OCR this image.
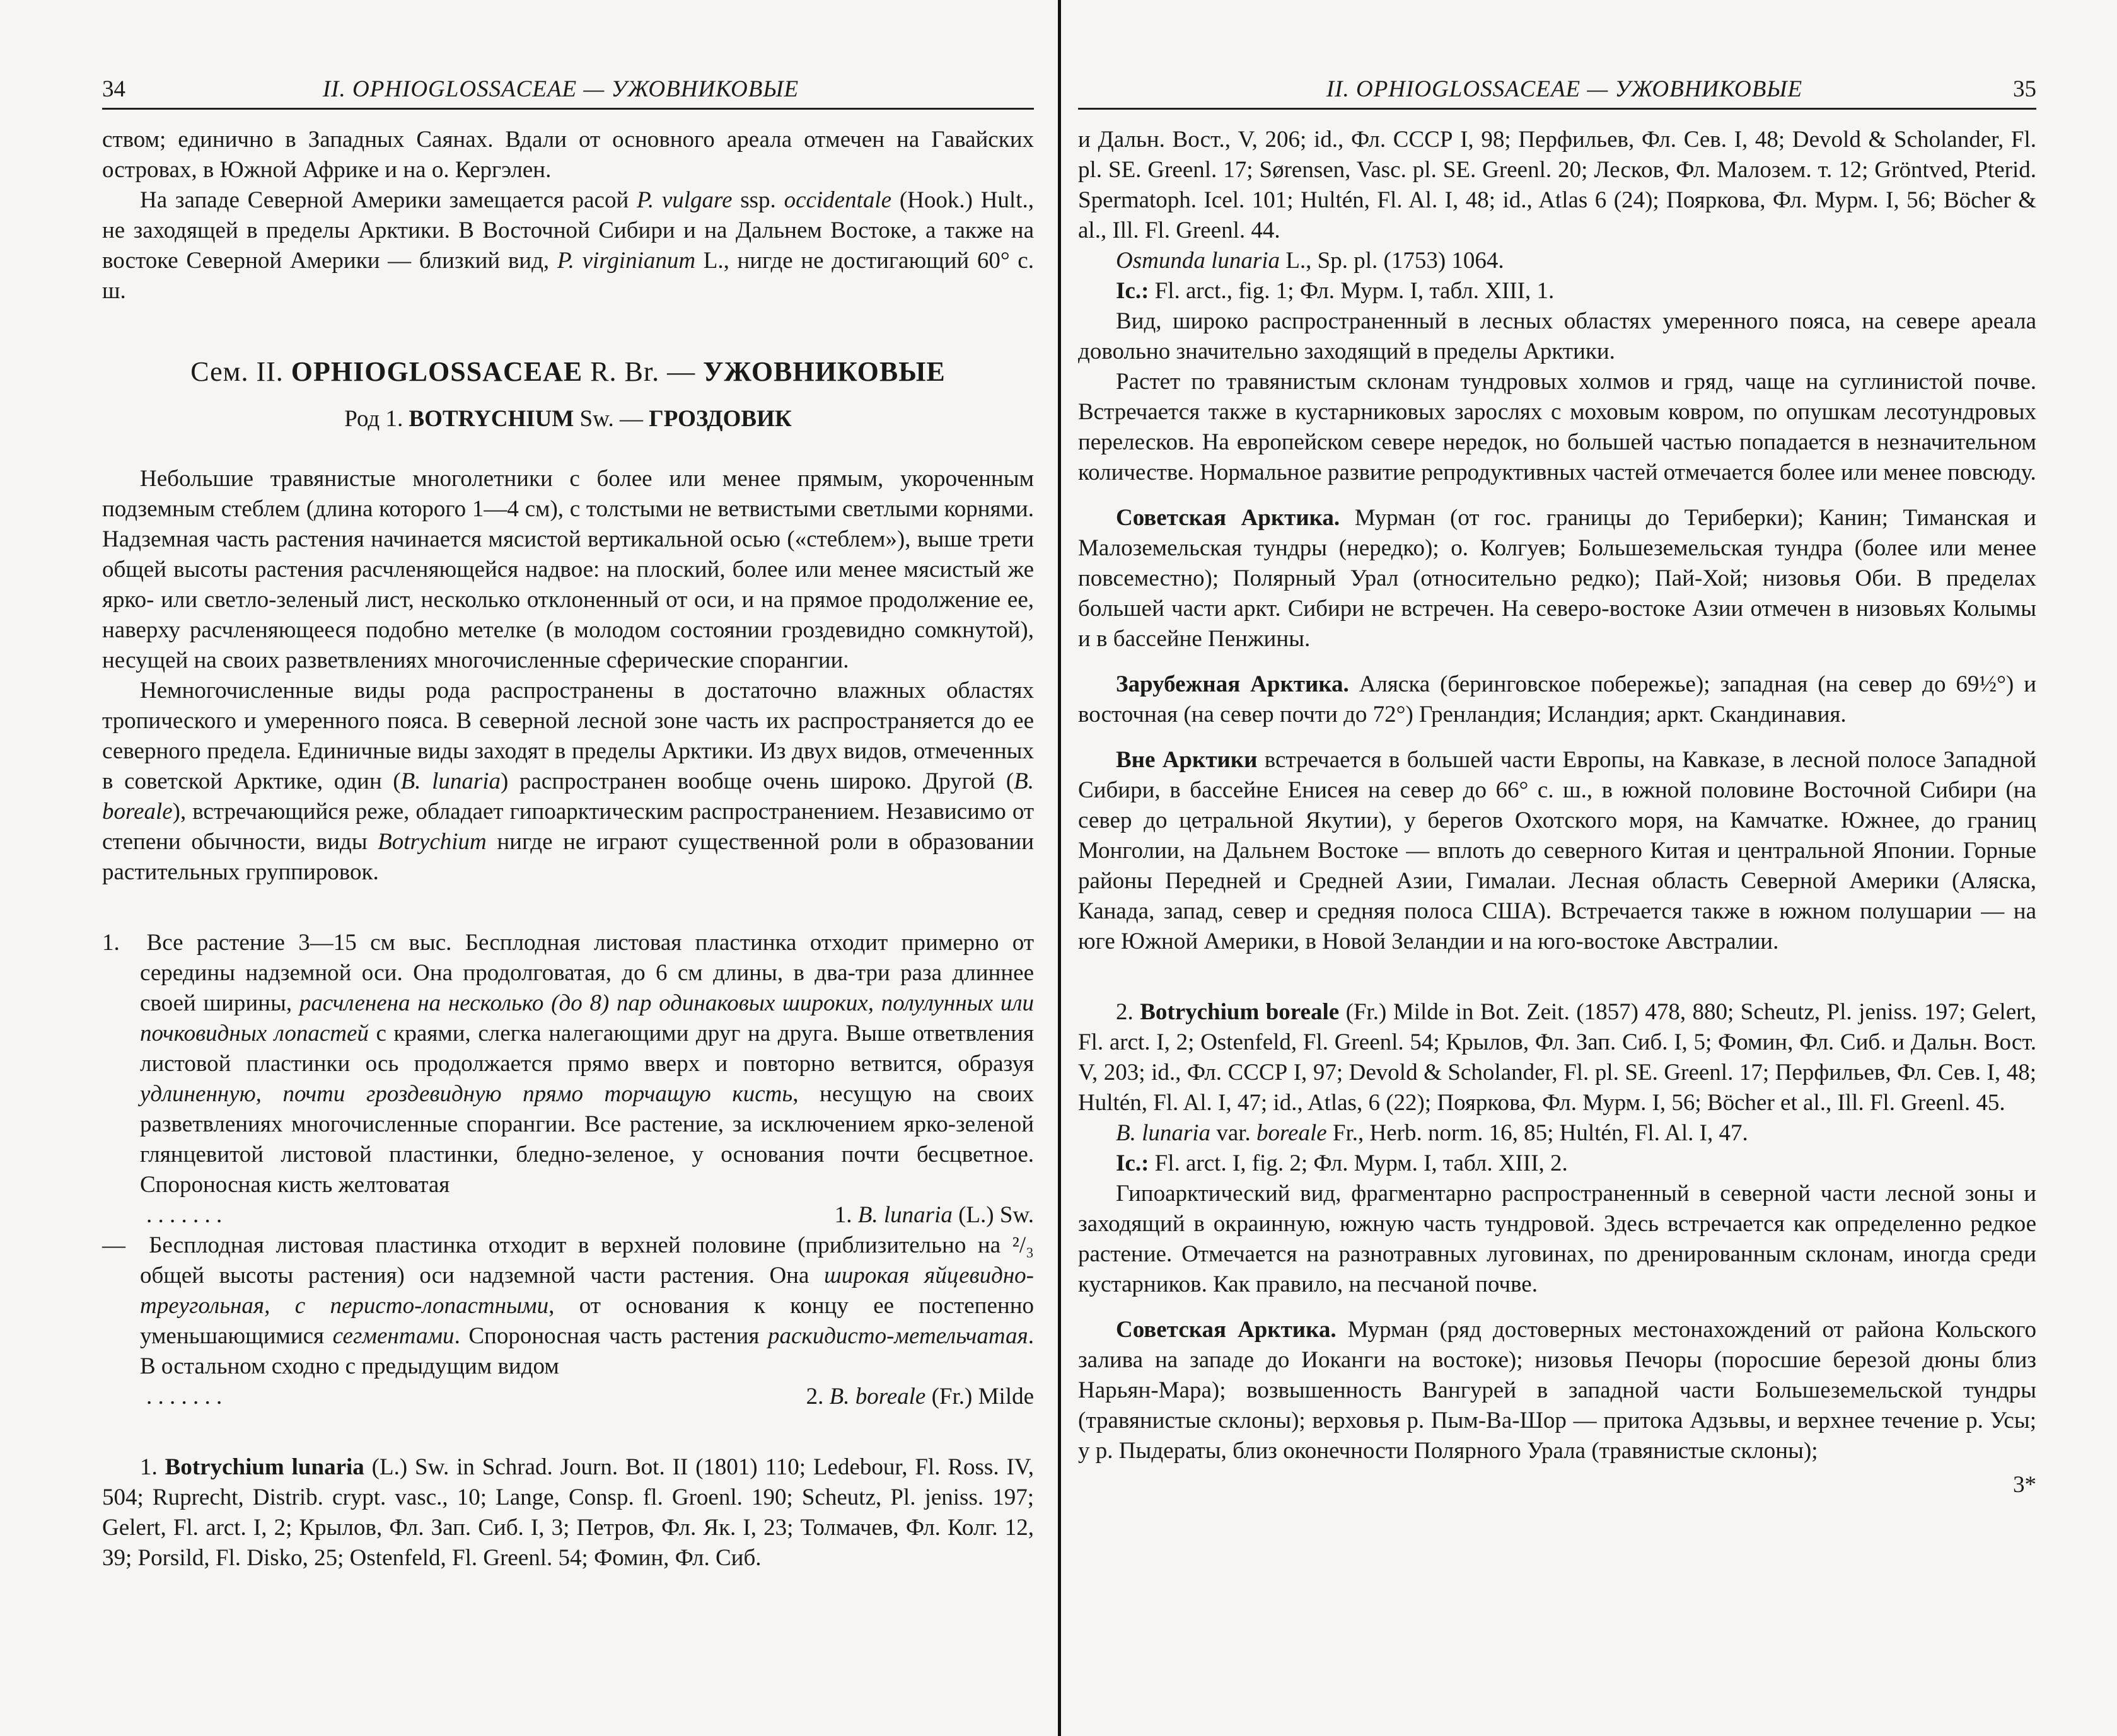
34	II. OPHIOGLOSSACEAE — УЖОВНИКОВЫЕ

ством; единично в Западных Саянах. Вдали от основного ареала отмечен на Гавайских островах, в Южной Африке и на о. Кергэлен.

На западе Северной Америки замещается расой P. vulgare ssp. occidentale (Hook.) Hult., не заходящей в пределы Арктики. В Восточной Сибири и на Дальнем Востоке, а также на востоке Северной Америки — близкий вид, P. virginianum L., нигде не достигающий 60° с. ш.

Сем. II. OPHIOGLOSSACEAE R. Br. — УЖОВНИКОВЫЕ
Род 1. BOTRYCHIUM Sw. — ГРОЗДОВИК

Небольшие травянистые многолетники с более или менее прямым, укороченным подземным стеблем (длина которого 1—4 см), с толстыми не ветвистыми светлыми корнями. Надземная часть растения начинается мясистой вертикальной осью («стеблем»), выше трети общей высоты растения расчленяющейся надвое: на плоский, более или менее мясистый же ярко- или светло-зеленый лист, несколько отклоненный от оси, и на прямое продолжение ее, наверху расчленяющееся подобно метелке (в молодом состоянии гроздевидно сомкнутой), несущей на своих разветвлениях многочисленные сферические спорангии.

Немногочисленные виды рода распространены в достаточно влажных областях тропического и умеренного пояса. В северной лесной зоне часть их распространяется до ее северного предела. Единичные виды заходят в пределы Арктики. Из двух видов, отмеченных в советской Арктике, один (B. lunaria) распространен вообще очень широко. Другой (B. boreale), встречающийся реже, обладает гипоарктическим распространением. Независимо от степени обычности, виды Botrychium нигде не играют существенной роли в образовании растительных группировок.

1. Все растение 3—15 см выс. Бесплодная листовая пластинка отходит примерно от середины надземной оси. Она продолговатая, до 6 см длины, в два-три раза длиннее своей ширины, расчленена на несколько (до 8) пар одинаковых широких, полулунных или почковидных лопастей с краями, слегка налегающими друг на друга. Выше ответвления листовой пластинки ось продолжается прямо вверх и повторно ветвится, образуя удлиненную, почти гроздевидную прямо торчащую кисть, несущую на своих разветвлениях многочисленные спорангии. Все растение, за исключением ярко-зеленой глянцевитой листовой пластинки, бледно-зеленое, у основания почти бесцветное. Спороносная кисть желтоватая

. . . . . . .	1. B. lunaria (L.) Sw.

— Бесплодная листовая пластинка отходит в верхней половине (приблизительно на ²/₃ общей высоты растения) оси надземной части растения. Она широкая яйцевидно-треугольная, с перисто-лопастными, от основания к концу ее постепенно уменьшающимися сегментами. Спороносная часть растения раскидисто-метельчатая. В остальном сходно с предыдущим видом

. . . . . . .	2. B. boreale (Fr.) Milde

1. Botrychium lunaria (L.) Sw. in Schrad. Journ. Bot. II (1801) 110; Ledebour, Fl. Ross. IV, 504; Ruprecht, Distrib. crypt. vasc., 10; Lange, Consp. fl. Groenl. 190; Scheutz, Pl. jeniss. 197; Gelert, Fl. arct. I, 2; Крылов, Фл. Зап. Сиб. I, 3; Петров, Фл. Як. I, 23; Толмачев, Фл. Колг. 12, 39; Porsild, Fl. Disko, 25; Ostenfeld, Fl. Greenl. 54; Фомин, Фл. Сиб.

II. OPHIOGLOSSACEAE — УЖОВНИКОВЫЕ	35

и Дальн. Вост., V, 206; id., Фл. СССР I, 98; Перфильев, Фл. Сев. I, 48; Devold & Scholander, Fl. pl. SE. Greenl. 17; Sørensen, Vasc. pl. SE. Greenl. 20; Лесков, Фл. Малозем. т. 12; Gröntved, Pterid. Spermatoph. Icel. 101; Hultén, Fl. Al. I, 48; id., Atlas 6 (24); Пояркова, Фл. Мурм. I, 56; Böcher & al., Ill. Fl. Greenl. 44.

Osmunda lunaria L., Sp. pl. (1753) 1064.

Ic.: Fl. arct., fig. 1; Фл. Мурм. I, табл. XIII, 1.

Вид, широко распространенный в лесных областях умеренного пояса, на севере ареала довольно значительно заходящий в пределы Арктики.

Растет по травянистым склонам тундровых холмов и гряд, чаще на суглинистой почве. Встречается также в кустарниковых зарослях с моховым ковром, по опушкам лесотундровых перелесков. На европейском севере нередок, но большей частью попадается в незначительном количестве. Нормальное развитие репродуктивных частей отмечается более или менее повсюду.

Советская Арктика. Мурман (от гос. границы до Териберки); Канин; Тиманская и Малоземельская тундры (нередко); о. Колгуев; Большеземельская тундра (более или менее повсеместно); Полярный Урал (относительно редко); Пай-Хой; низовья Оби. В пределах большей части аркт. Сибири не встречен. На северо-востоке Азии отмечен в низовьях Колымы и в бассейне Пенжины.

Зарубежная Арктика. Аляска (беринговское побережье); западная (на север до 69½°) и восточная (на север почти до 72°) Гренландия; Исландия; аркт. Скандинавия.

Вне Арктики встречается в большей части Европы, на Кавказе, в лесной полосе Западной Сибири, в бассейне Енисея на север до 66° с. ш., в южной половине Восточной Сибири (на север до цетральной Якутии), у берегов Охотского моря, на Камчатке. Южнее, до границ Монголии, на Дальнем Востоке — вплоть до северного Китая и центральной Японии. Горные районы Передней и Средней Азии, Гималаи. Лесная область Северной Америки (Аляска, Канада, запад, север и средняя полоса США). Встречается также в южном полушарии — на юге Южной Америки, в Новой Зеландии и на юго-востоке Австралии.

2. Botrychium boreale (Fr.) Milde in Bot. Zeit. (1857) 478, 880; Scheutz, Pl. jeniss. 197; Gelert, Fl. arct. I, 2; Ostenfeld, Fl. Greenl. 54; Крылов, Фл. Зап. Сиб. I, 5; Фомин, Фл. Сиб. и Дальн. Вост. V, 203; id., Фл. СССР I, 97; Devold & Scholander, Fl. pl. SE. Greenl. 17; Перфильев, Фл. Сев. I, 48; Hultén, Fl. Al. I, 47; id., Atlas, 6 (22); Пояркова, Фл. Мурм. I, 56; Böcher et al., Ill. Fl. Greenl. 45.

B. lunaria var. boreale Fr., Herb. norm. 16, 85; Hultén, Fl. Al. I, 47.

Ic.: Fl. arct. I, fig. 2; Фл. Мурм. I, табл. XIII, 2.

Гипоарктический вид, фрагментарно распространенный в северной части лесной зоны и заходящий в окраинную, южную часть тундровой. Здесь встречается как определенно редкое растение. Отмечается на разнотравных луговинах, по дренированным склонам, иногда среди кустарников. Как правило, на песчаной почве.

Советская Арктика. Мурман (ряд достоверных местонахождений от района Кольского залива на западе до Иоканги на востоке); низовья Печоры (поросшие березой дюны близ Нарьян-Мара); возвышенность Вангурей в западной части Большеземельской тундры (травянистые склоны); верховья р. Пым-Ва-Шор — притока Адзьвы, и верхнее течение р. Усы; у р. Пыдераты, близ оконечности Полярного Урала (травянистые склоны);

3*
